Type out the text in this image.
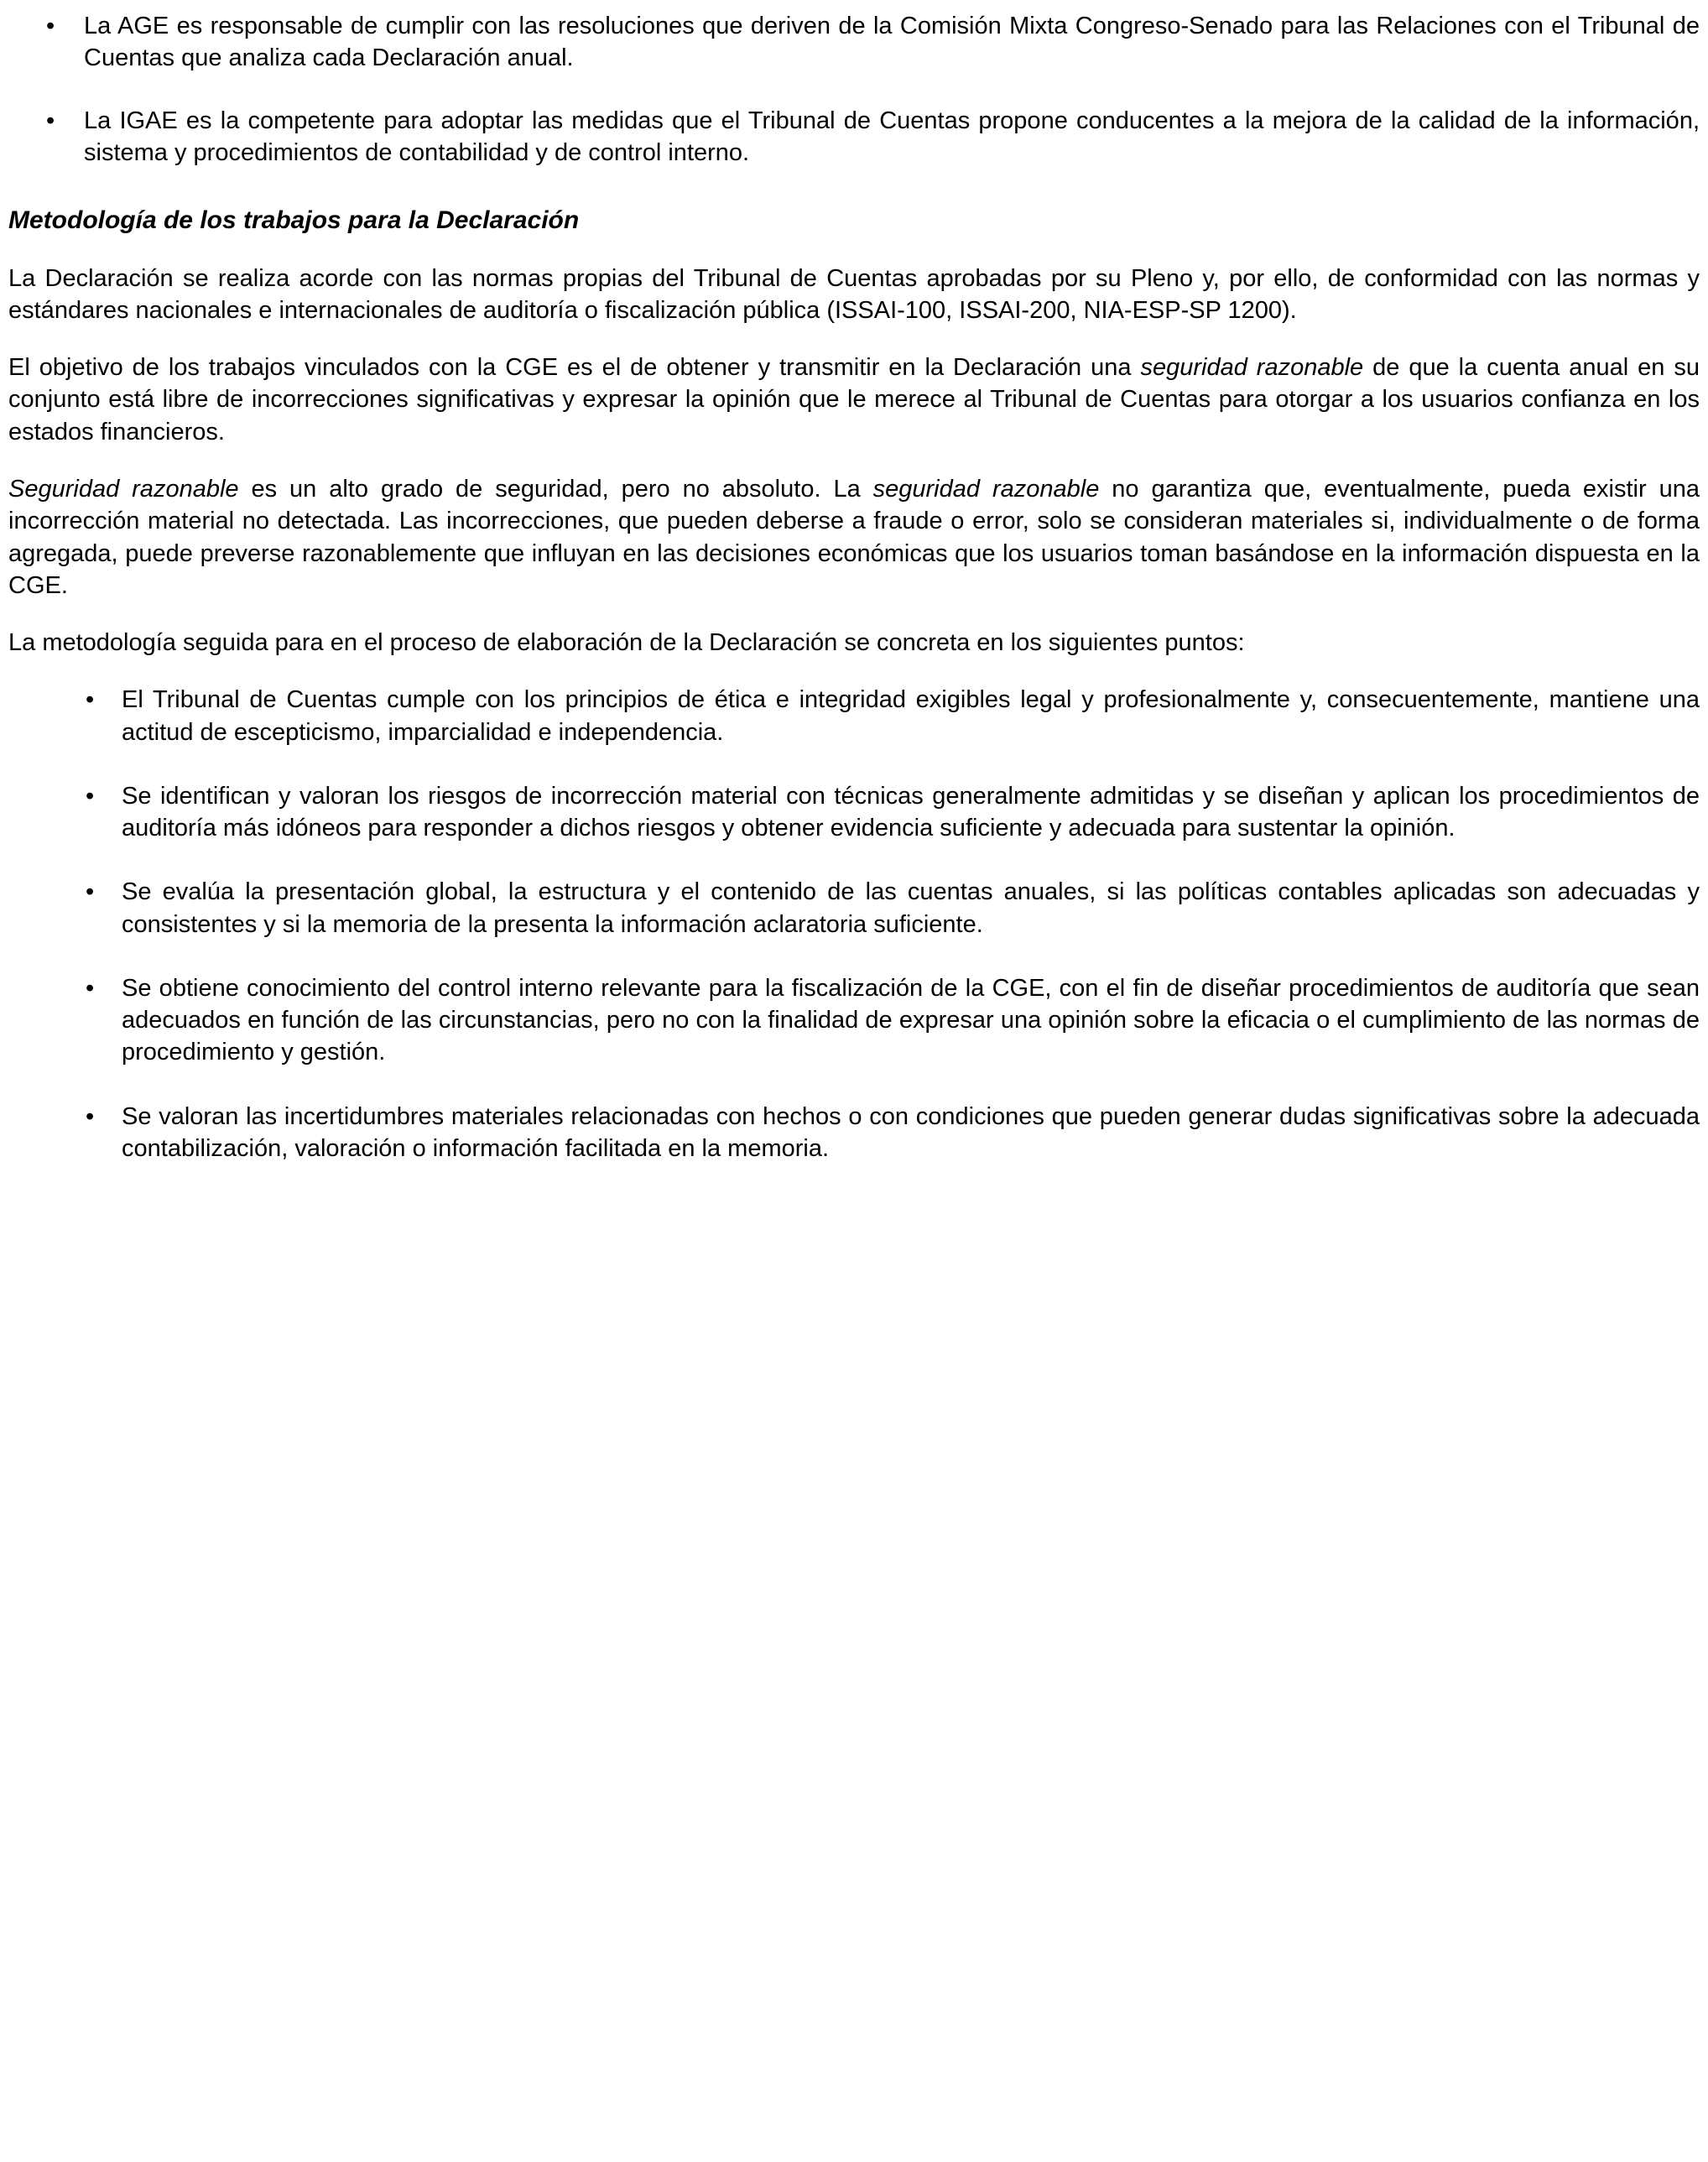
• La AGE es responsable de cumplir con las resoluciones que deriven de la Comisión Mixta Congreso-Senado para las Relaciones con el Tribunal de Cuentas que analiza cada Declaración anual.
• La IGAE es la competente para adoptar las medidas que el Tribunal de Cuentas propone conducentes a la mejora de la calidad de la información, sistema y procedimientos de contabilidad y de control interno.
Metodología de los trabajos para la Declaración

La Declaración se realiza acorde con las normas propias del Tribunal de Cuentas aprobadas por su Pleno y, por ello, de conformidad con las normas y estándares nacionales e internacionales de auditoría o fiscalización pública (ISSAI-100, ISSAI-200, NIA-ESP-SP 1200).

El objetivo de los trabajos vinculados con la CGE es el de obtener y transmitir en la Declaración una seguridad razonable de que la cuenta anual en su conjunto está libre de incorrecciones significativas y expresar la opinión que le merece al Tribunal de Cuentas para otorgar a los usuarios confianza en los estados financieros.

Seguridad razonable es un alto grado de seguridad, pero no absoluto. La seguridad razonable no garantiza que, eventualmente, pueda existir una incorrección material no detectada. Las incorrecciones, que pueden deberse a fraude o error, solo se consideran materiales si, individualmente o de forma agregada, puede preverse razonablemente que influyan en las decisiones económicas que los usuarios toman basándose en la información dispuesta en la CGE.

La metodología seguida para en el proceso de elaboración de la Declaración se concreta en los siguientes puntos:

• El Tribunal de Cuentas cumple con los principios de ética e integridad exigibles legal y profesionalmente y, consecuentemente, mantiene una actitud de escepticismo, imparcialidad e independencia.
• Se identifican y valoran los riesgos de incorrección material con técnicas generalmente admitidas y se diseñan y aplican los procedimientos de auditoría más idóneos para responder a dichos riesgos y obtener evidencia suficiente y adecuada para sustentar la opinión.
• Se evalúa la presentación global, la estructura y el contenido de las cuentas anuales, si las políticas contables aplicadas son adecuadas y consistentes y si la memoria de la presenta la información aclaratoria suficiente.
• Se obtiene conocimiento del control interno relevante para la fiscalización de la CGE, con el fin de diseñar procedimientos de auditoría que sean adecuados en función de las circunstancias, pero no con la finalidad de expresar una opinión sobre la eficacia o el cumplimiento de las normas de procedimiento y gestión.
• Se valoran las incertidumbres materiales relacionadas con hechos o con condiciones que pueden generar dudas significativas sobre la adecuada contabilización, valoración o información facilitada en la memoria.
